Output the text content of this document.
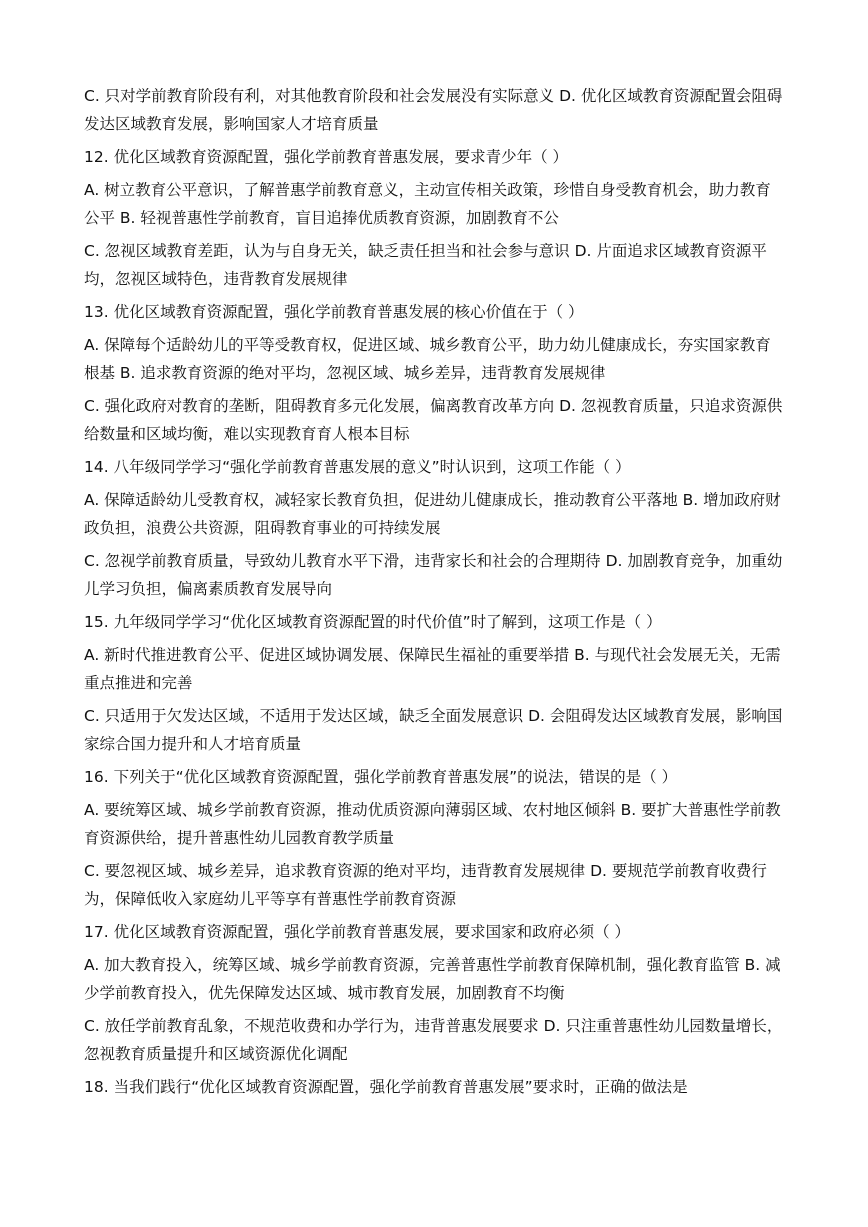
C. 只对学前教育阶段有利，对其他教育阶段和社会发展没有实际意义 D. 优化区域教育资源配置会阻碍发达区域教育发展，影响国家人才培育质量

12. 优化区域教育资源配置，强化学前教育普惠发展，要求青少年（ ）

A. 树立教育公平意识，了解普惠学前教育意义，主动宣传相关政策，珍惜自身受教育机会，助力教育公平 B. 轻视普惠性学前教育，盲目追捧优质教育资源，加剧教育不公

C. 忽视区域教育差距，认为与自身无关，缺乏责任担当和社会参与意识 D. 片面追求区域教育资源平均，忽视区域特色，违背教育发展规律

13. 优化区域教育资源配置，强化学前教育普惠发展的核心价值在于（ ）

A. 保障每个适龄幼儿的平等受教育权，促进区域、城乡教育公平，助力幼儿健康成长，夯实国家教育根基 B. 追求教育资源的绝对平均，忽视区域、城乡差异，违背教育发展规律

C. 强化政府对教育的垄断，阻碍教育多元化发展，偏离教育改革方向 D. 忽视教育质量，只追求资源供给数量和区域均衡，难以实现教育育人根本目标

14. 八年级同学学习“强化学前教育普惠发展的意义”时认识到，这项工作能（ ）

A. 保障适龄幼儿受教育权，减轻家长教育负担，促进幼儿健康成长，推动教育公平落地 B. 增加政府财政负担，浪费公共资源，阻碍教育事业的可持续发展

C. 忽视学前教育质量，导致幼儿教育水平下滑，违背家长和社会的合理期待 D. 加剧教育竞争，加重幼儿学习负担，偏离素质教育发展导向

15. 九年级同学学习“优化区域教育资源配置的时代价值”时了解到，这项工作是（ ）

A. 新时代推进教育公平、促进区域协调发展、保障民生福祉的重要举措 B. 与现代社会发展无关，无需重点推进和完善

C. 只适用于欠发达区域，不适用于发达区域，缺乏全面发展意识 D. 会阻碍发达区域教育发展，影响国家综合国力提升和人才培育质量

16. 下列关于“优化区域教育资源配置，强化学前教育普惠发展”的说法，错误的是（ ）

A. 要统筹区域、城乡学前教育资源，推动优质资源向薄弱区域、农村地区倾斜 B. 要扩大普惠性学前教育资源供给，提升普惠性幼儿园教育教学质量

C. 要忽视区域、城乡差异，追求教育资源的绝对平均，违背教育发展规律 D. 要规范学前教育收费行为，保障低收入家庭幼儿平等享有普惠性学前教育资源

17. 优化区域教育资源配置，强化学前教育普惠发展，要求国家和政府必须（ ）

A. 加大教育投入，统筹区域、城乡学前教育资源，完善普惠性学前教育保障机制，强化教育监管 B. 减少学前教育投入，优先保障发达区域、城市教育发展，加剧教育不均衡

C. 放任学前教育乱象，不规范收费和办学行为，违背普惠发展要求 D. 只注重普惠性幼儿园数量增长，忽视教育质量提升和区域资源优化调配

18. 当我们践行“优化区域教育资源配置，强化学前教育普惠发展”要求时，正确的做法是
